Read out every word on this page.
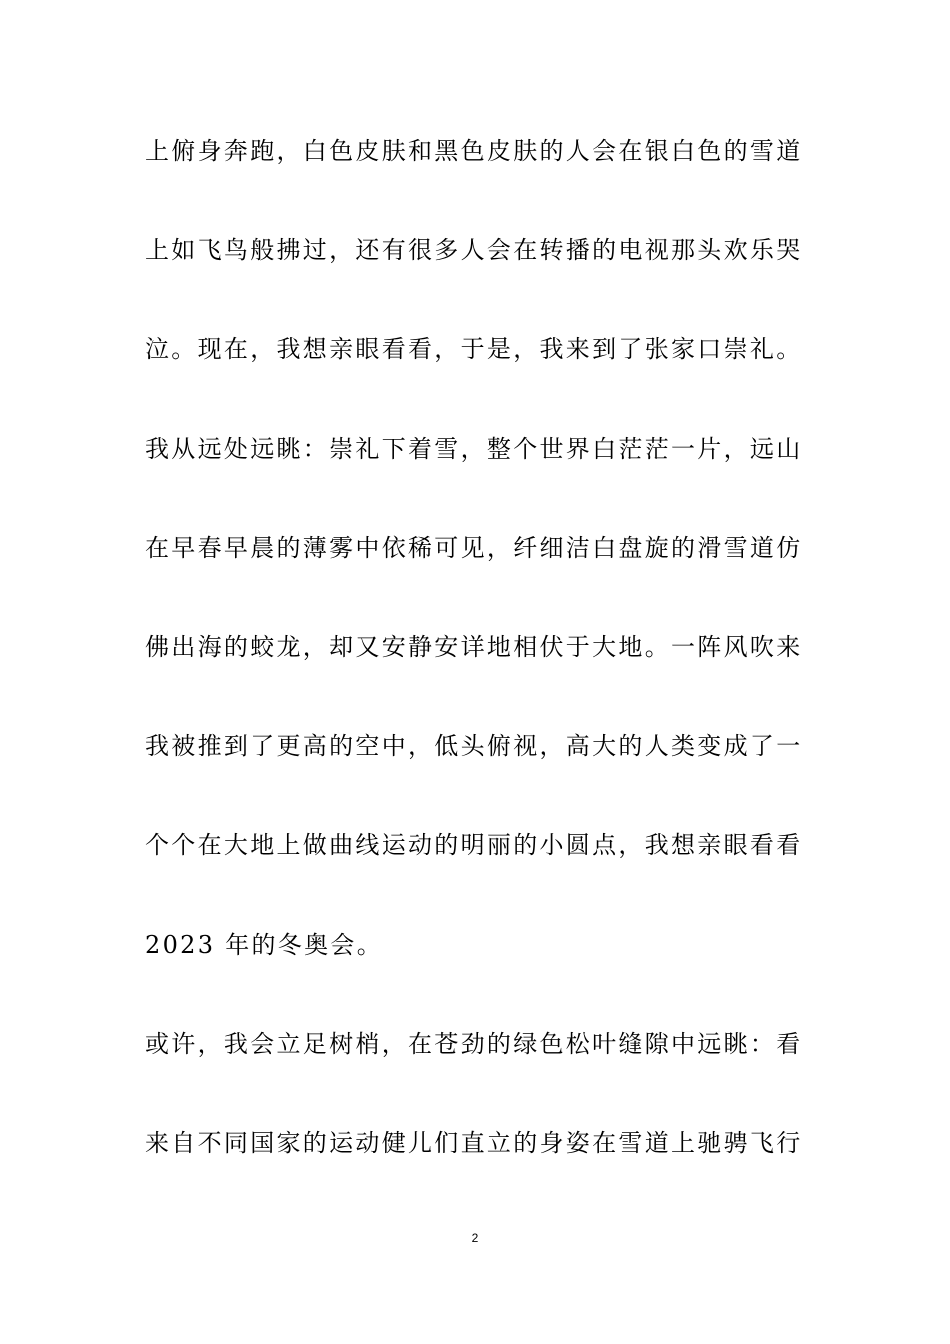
上俯身奔跑，白色皮肤和黑色皮肤的人会在银白色的雪道
上如飞鸟般拂过，还有很多人会在转播的电视那头欢乐哭
泣。现在，我想亲眼看看，于是，我来到了张家口崇礼。
我从远处远眺：崇礼下着雪，整个世界白茫茫一片，远山
在早春早晨的薄雾中依稀可见，纤细洁白盘旋的滑雪道仿
佛出海的蛟龙，却又安静安详地相伏于大地。一阵风吹来
我被推到了更高的空中，低头俯视，高大的人类变成了一
个个在大地上做曲线运动的明丽的小圆点，我想亲眼看看
2023 年的冬奥会。
或许，我会立足树梢，在苍劲的绿色松叶缝隙中远眺：看
来自不同国家的运动健儿们直立的身姿在雪道上驰骋飞行
2
